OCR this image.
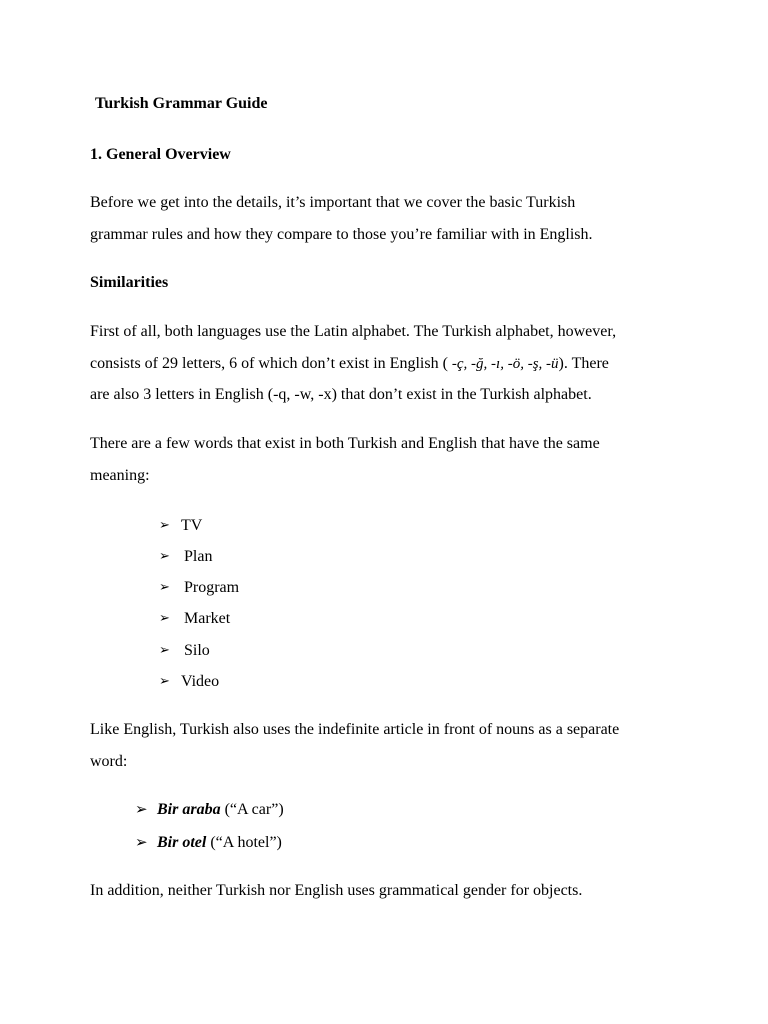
Turkish Grammar Guide
1. General Overview
Before we get into the details, it’s important that we cover the basic Turkish
grammar rules and how they compare to those you’re familiar with in English.
Similarities
First of all, both languages use the Latin alphabet. The Turkish alphabet, however,
consists of 29 letters, 6 of which don’t exist in English ( -ç, -ğ, -ı, -ö, -ş, -ü). There
are also 3 letters in English (-q, -w, -x) that don’t exist in the Turkish alphabet.
There are a few words that exist in both Turkish and English that have the same
meaning:
➢ TV
➢ Plan
➢ Program
➢ Market
➢ Silo
➢ Video
Like English, Turkish also uses the indefinite article in front of nouns as a separate
word:
➢ Bir araba (“A car”)
➢ Bir otel (“A hotel”)
In addition, neither Turkish nor English uses grammatical gender for objects.
